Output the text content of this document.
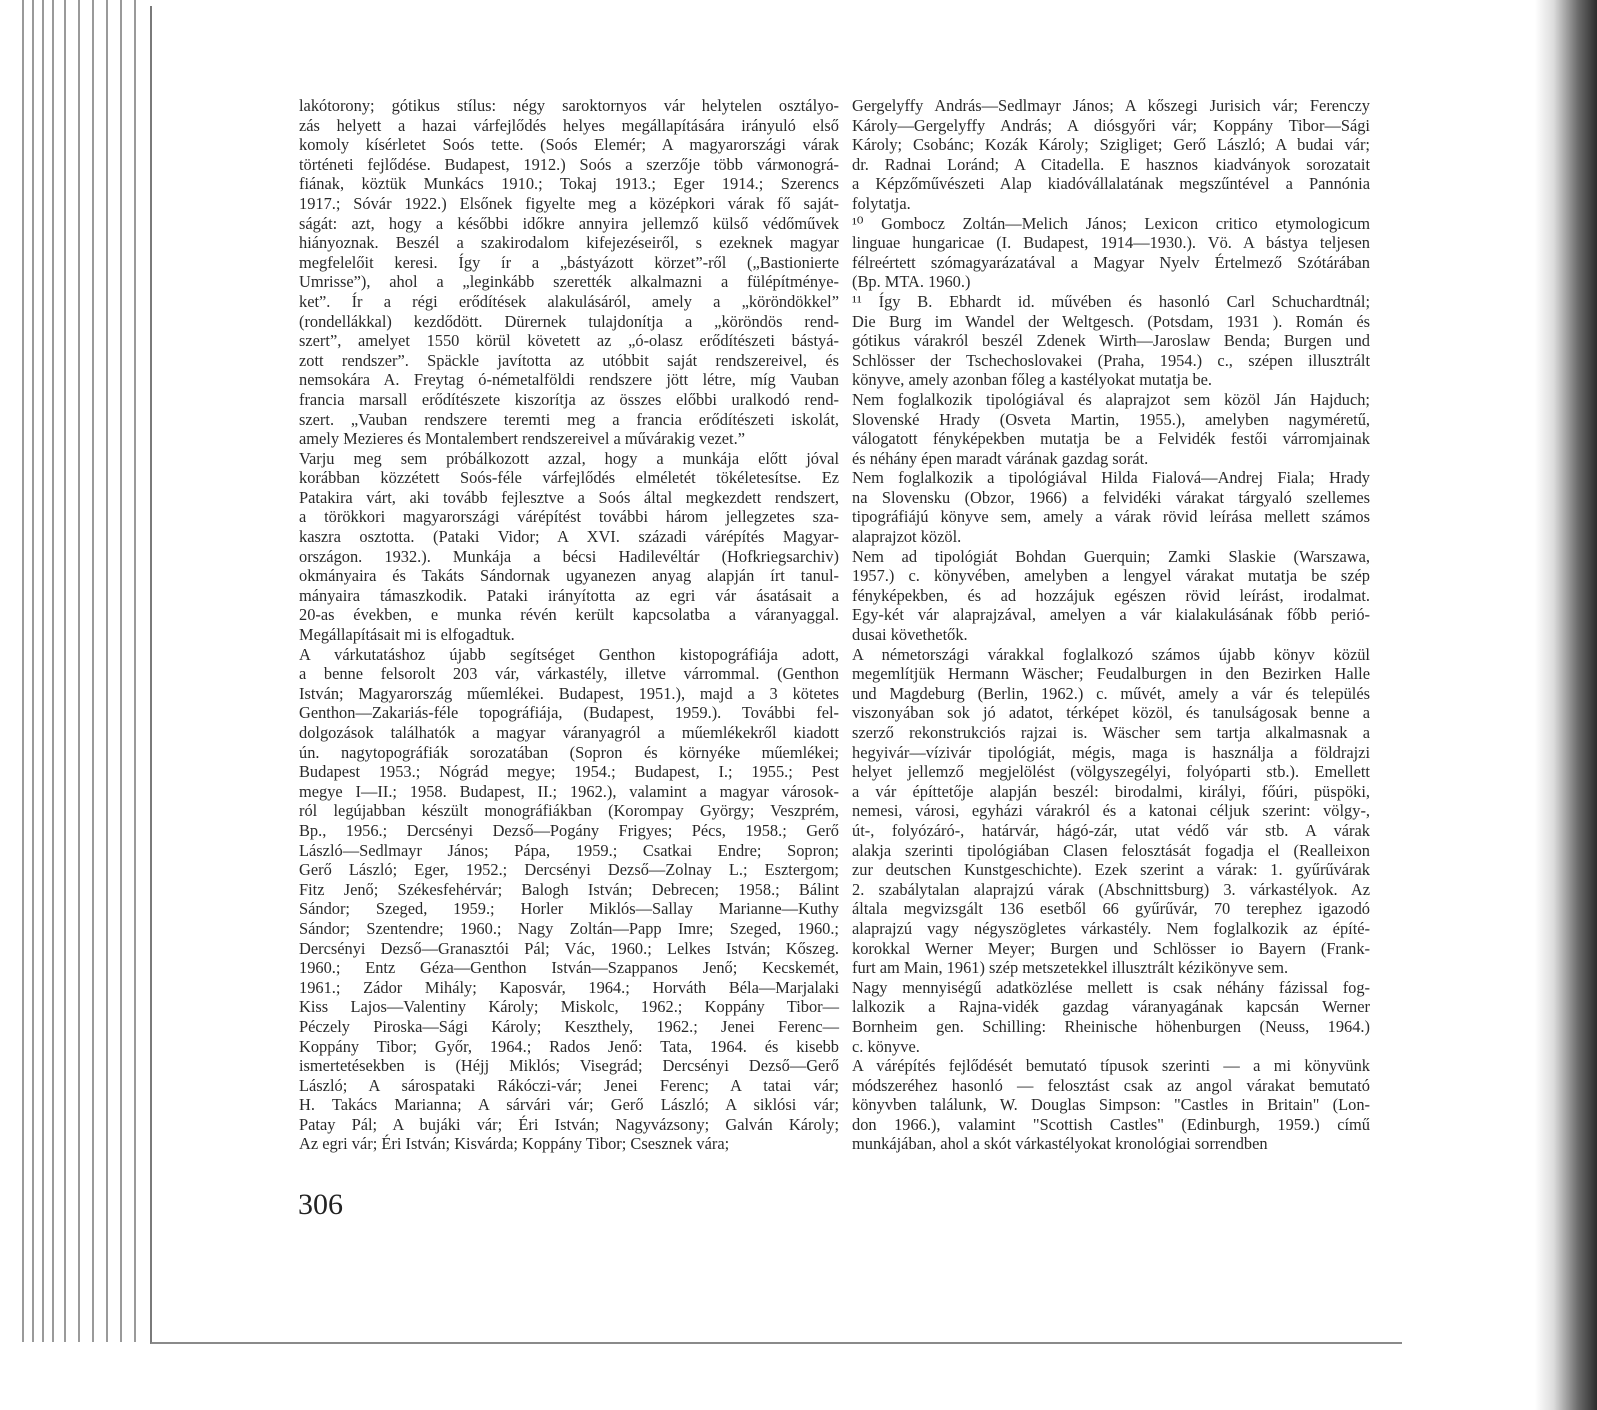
lakótorony; gótikus stílus: négy saroktornyos vár helytelen osztályo-
zás helyett a hazai várfejlődés helyes megállapítására irányuló első
komoly kísérletet Soós tette. (Soós Elemér; A magyarországi várak
történeti fejlődése. Budapest, 1912.) Soós a szerzője több várмonográ-
fiának, köztük Munkács 1910.; Tokaj 1913.; Eger 1914.; Szerencs
1917.; Sóvár 1922.) Elsőnek figyelte meg a középkori várak fő saját-
ságát: azt, hogy a későbbi időkre annyira jellemző külső védőművek
hiányoznak. Beszél a szakirodalom kifejezéseiről, s ezeknek magyar
megfelelőit keresi. Így ír a „bástyázott körzet”-ről („Bastionierte
Umrisse”), ahol a „leginkább szerették alkalmazni a fülépítménye-
ket”. Ír a régi erődítések alakulásáról, amely a „köröndökkel”
(rondellákkal) kezdődött. Dürernek tulajdonítja a „köröndös rend-
szert”, amelyet 1550 körül követett az „ó-olasz erődítészeti bástyá-
zott rendszer”. Späckle javította az utóbbit saját rendszereivel, és
nemsokára A. Freytag ó-németalföldi rendszere jött létre, míg Vauban
francia marsall erődítészete kiszorítja az összes előbbi uralkodó rend-
szert. „Vauban rendszere teremti meg a francia erődítészeti iskolát,
amely Mezieres és Montalembert rendszereivel a művárakig vezet.”
Varju meg sem próbálkozott azzal, hogy a munkája előtt jóval
korábban közzétett Soós-féle várfejlődés elméletét tökéletesítse. Ez
Patakira várt, aki tovább fejlesztve a Soós által megkezdett rendszert,
a törökkori magyarországi várépítést további három jellegzetes sza-
kaszra osztotta. (Pataki Vidor; A XVI. századi várépítés Magyar-
országon. 1932.). Munkája a bécsi Hadilevéltár (Hofkriegsarchiv)
okmányaira és Takáts Sándornak ugyanezen anyag alapján írt tanul-
mányaira támaszkodik. Pataki irányította az egri vár ásatásait a
20-as években, e munka révén került kapcsolatba a váranyaggal.
Megállapításait mi is elfogadtuk.
A várkutatáshoz újabb segítséget Genthon kistopográfiája adott,
a benne felsorolt 203 vár, várkastély, illetve várrommal. (Genthon
István; Magyarország műemlékei. Budapest, 1951.), majd a 3 kötetes
Genthon—Zakariás-féle topográfiája, (Budapest, 1959.). További fel-
dolgozások találhatók a magyar váranyagról a műemlékekről kiadott
ún. nagytopográfiák sorozatában (Sopron és környéke műemlékei;
Budapest 1953.; Nógrád megye; 1954.; Budapest, I.; 1955.; Pest
megye I—II.; 1958. Budapest, II.; 1962.), valamint a magyar városok-
ról legújabban készült monográfiákban (Korompay György; Veszprém,
Bp., 1956.; Dercsényi Dezső—Pogány Frigyes; Pécs, 1958.; Gerő
László—Sedlmayr János; Pápa, 1959.; Csatkai Endre; Sopron;
Gerő László; Eger, 1952.; Dercsényi Dezső—Zolnay L.; Esztergom;
Fitz Jenő; Székesfehérvár; Balogh István; Debrecen; 1958.; Bálint
Sándor; Szeged, 1959.; Horler Miklós—Sallay Marianne—Kuthy
Sándor; Szentendre; 1960.; Nagy Zoltán—Papp Imre; Szeged, 1960.;
Dercsényi Dezső—Granasztói Pál; Vác, 1960.; Lelkes István; Kőszeg.
1960.; Entz Géza—Genthon István—Szappanos Jenő; Kecskemét,
1961.; Zádor Mihály; Kaposvár, 1964.; Horváth Béla—Marjalaki
Kiss Lajos—Valentiny Károly; Miskolc, 1962.; Koppány Tibor—
Péczely Piroska—Sági Károly; Keszthely, 1962.; Jenei Ferenc—
Koppány Tibor; Győr, 1964.; Rados Jenő: Tata, 1964. és kisebb
ismertetésekben is (Héjj Miklós; Visegrád; Dercsényi Dezső—Gerő
László; A sárospataki Rákóczi-vár; Jenei Ferenc; A tatai vár;
H. Takács Marianna; A sárvári vár; Gerő László; A siklósi vár;
Patay Pál; A bujáki vár; Éri István; Nagyvázsony; Galván Károly;
Az egri vár; Éri István; Kisvárda; Koppány Tibor; Csesznek vára;
Gergelyffy András—Sedlmayr János; A kőszegi Jurisich vár; Ferenczy
Károly—Gergelyffy András; A diósgyőri vár; Koppány Tibor—Sági
Károly; Csobánc; Kozák Károly; Szigliget; Gerő László; A budai vár;
dr. Radnai Loránd; A Citadella. E hasznos kiadványok sorozatait
a Képzőművészeti Alap kiadóvállalatának megszűntével a Pannónia
folytatja.
¹⁰ Gombocz Zoltán—Melich János; Lexicon critico etymologicum
linguae hungaricae (I. Budapest, 1914—1930.). Vö. A bástya teljesen
félreértett szómagyarázatával a Magyar Nyelv Értelmező Szótárában
(Bp. MTA. 1960.)
¹¹ Így B. Ebhardt id. művében és hasonló Carl Schuchardtnál;
Die Burg im Wandel der Weltgesch. (Potsdam, 1931 ). Román és
gótikus várakról beszél Zdenek Wirth—Jaroslaw Benda; Burgen und
Schlösser der Tschechoslovakei (Praha, 1954.) c., szépen illusztrált
könyve, amely azonban főleg a kastélyokat mutatja be.
Nem foglalkozik tipológiával és alaprajzot sem közöl Ján Hajduch;
Slovenské Hrady (Osveta Martin, 1955.), amelyben nagyméretű,
válogatott fényképekben mutatja be a Felvidék festői várromjainak
és néhány épen maradt várának gazdag sorát.
Nem foglalkozik a tipológiával Hilda Fialová—Andrej Fiala; Hrady
na Slovensku (Obzor, 1966) a felvidéki várakat tárgyaló szellemes
tipográfiájú könyve sem, amely a várak rövid leírása mellett számos
alaprajzot közöl.
Nem ad tipológiát Bohdan Guerquin; Zamki Slaskie (Warszawa,
1957.) c. könyvében, amelyben a lengyel várakat mutatja be szép
fényképekben, és ad hozzájuk egészen rövid leírást, irodalmat.
Egy-két vár alaprajzával, amelyen a vár kialakulásának főbb perió-
dusai követhetők.
A németországi várakkal foglalkozó számos újabb könyv közül
megemlítjük Hermann Wäscher; Feudalburgen in den Bezirken Halle
und Magdeburg (Berlin, 1962.) c. művét, amely a vár és település
viszonyában sok jó adatot, térképet közöl, és tanulságosak benne a
szerző rekonstrukciós rajzai is. Wäscher sem tartja alkalmasnak a
hegyivár—vízivár tipológiát, mégis, maga is használja a földrajzi
helyet jellemző megjelölést (völgyszegélyi, folyóparti stb.). Emellett
a vár építtetője alapján beszél: birodalmi, királyi, főúri, püspöki,
nemesi, városi, egyházi várakról és a katonai céljuk szerint: völgy-,
út-, folyózáró-, határvár, hágó-zár, utat védő vár stb. A várak
alakja szerinti tipológiában Clasen felosztását fogadja el (Realleixon
zur deutschen Kunstgeschichte). Ezek szerint a várak: 1. gyűrűvárak
2. szabálytalan alaprajzú várak (Abschnittsburg) 3. várkastélyok. Az
általa megvizsgált 136 esetből 66 gyűrűvár, 70 terephez igazodó
alaprajzú vagy négyszögletes várkastély. Nem foglalkozik az építé-
korokkal Werner Meyer; Burgen und Schlösser io Bayern (Frank-
furt am Main, 1961) szép metszetekkel illusztrált kézikönyve sem.
Nagy mennyiségű adatközlése mellett is csak néhány fázissal fog-
lalkozik a Rajna-vidék gazdag váranyagának kapcsán Werner
Bornheim gen. Schilling: Rheinische höhenburgen (Neuss, 1964.)
c. könyve.
A várépítés fejlődését bemutató típusok szerinti — a mi könyvünk
módszeréhez hasonló — felosztást csak az angol várakat bemutató
könyvben találunk, W. Douglas Simpson: "Castles in Britain" (Lon-
don 1966.), valamint "Scottish Castles" (Edinburgh, 1959.) című
munkájában, ahol a skót várkastélyokat kronológiai sorrendben
306
